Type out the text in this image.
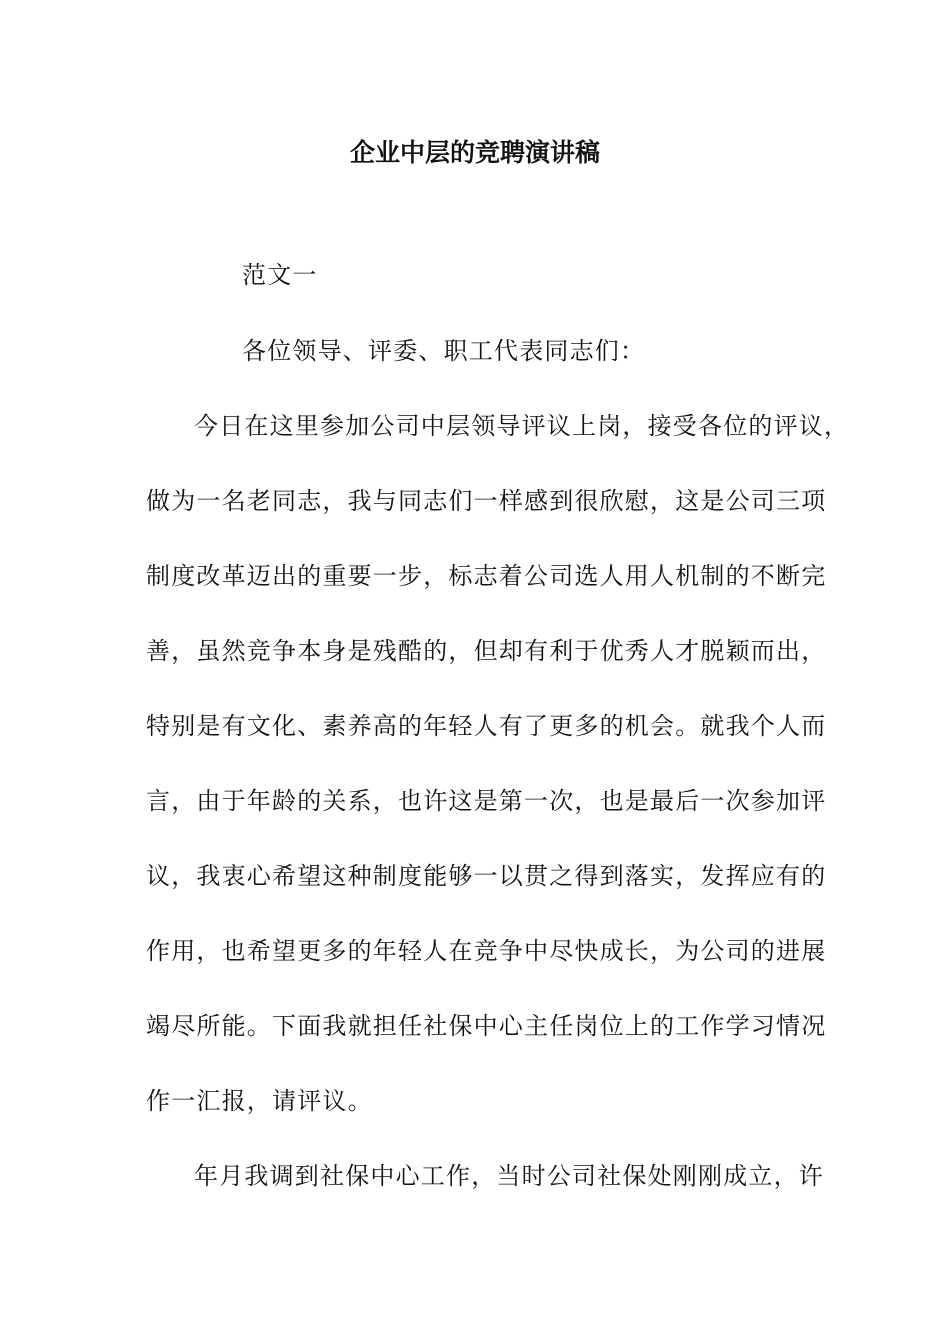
企业中层的竞聘演讲稿
范文一
各位领导、评委、职工代表同志们：
今日在这里参加公司中层领导评议上岗，接受各位的评议，
做为一名老同志，我与同志们一样感到很欣慰，这是公司三项
制度改革迈出的重要一步，标志着公司选人用人机制的不断完
善，虽然竞争本身是残酷的，但却有利于优秀人才脱颖而出，
特别是有文化、素养高的年轻人有了更多的机会。就我个人而
言，由于年龄的关系，也许这是第一次，也是最后一次参加评
议，我衷心希望这种制度能够一以贯之得到落实，发挥应有的
作用，也希望更多的年轻人在竞争中尽快成长，为公司的进展
竭尽所能。下面我就担任社保中心主任岗位上的工作学习情况
作一汇报，请评议。
年月我调到社保中心工作，当时公司社保处刚刚成立，许
